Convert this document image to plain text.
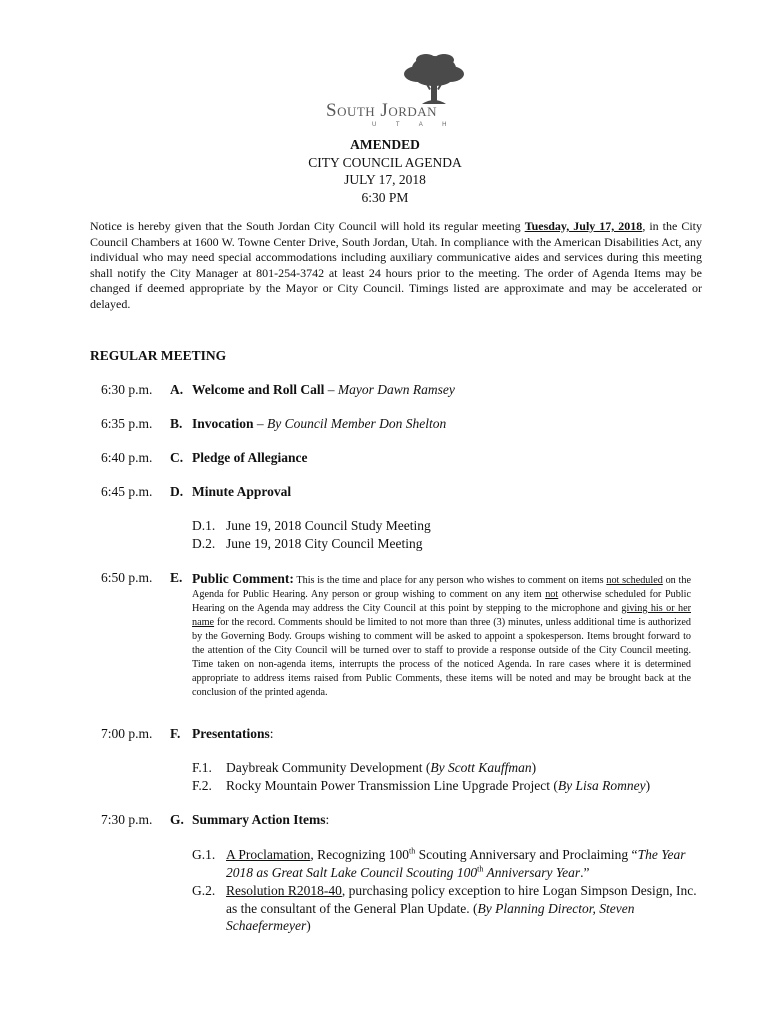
South Jordan
U T A H
AMENDED
CITY COUNCIL AGENDA
JULY 17, 2018
6:30 PM
Notice is hereby given that the South Jordan City Council will hold its regular meeting Tuesday, July 17, 2018, in the City Council Chambers at 1600 W. Towne Center Drive, South Jordan, Utah. In compliance with the American Disabilities Act, any individual who may need special accommodations including auxiliary communicative aides and services during this meeting shall notify the City Manager at 801-254-3742 at least 24 hours prior to the meeting. The order of Agenda Items may be changed if deemed appropriate by the Mayor or City Council. Timings listed are approximate and may be accelerated or delayed.
REGULAR MEETING
6:30 p.m. A. Welcome and Roll Call – Mayor Dawn Ramsey
6:35 p.m. B. Invocation – By Council Member Don Shelton
6:40 p.m. C. Pledge of Allegiance
6:45 p.m. D. Minute Approval
D.1. June 19, 2018 Council Study Meeting
D.2. June 19, 2018 City Council Meeting
6:50 p.m. E. Public Comment: This is the time and place for any person who wishes to comment on items not scheduled on the Agenda for Public Hearing. Any person or group wishing to comment on any item not otherwise scheduled for Public Hearing on the Agenda may address the City Council at this point by stepping to the microphone and giving his or her name for the record. Comments should be limited to not more than three (3) minutes, unless additional time is authorized by the Governing Body. Groups wishing to comment will be asked to appoint a spokesperson. Items brought forward to the attention of the City Council will be turned over to staff to provide a response outside of the City Council meeting. Time taken on non-agenda items, interrupts the process of the noticed Agenda. In rare cases where it is determined appropriate to address items raised from Public Comments, these items will be noted and may be brought back at the conclusion of the printed agenda.
7:00 p.m. F. Presentations:
F.1. Daybreak Community Development (By Scott Kauffman)
F.2. Rocky Mountain Power Transmission Line Upgrade Project (By Lisa Romney)
7:30 p.m. G. Summary Action Items:
G.1. A Proclamation, Recognizing 100th Scouting Anniversary and Proclaiming “The Year 2018 as Great Salt Lake Council Scouting 100th Anniversary Year.”
G.2. Resolution R2018-40, purchasing policy exception to hire Logan Simpson Design, Inc. as the consultant of the General Plan Update. (By Planning Director, Steven Schaefermeyer)
